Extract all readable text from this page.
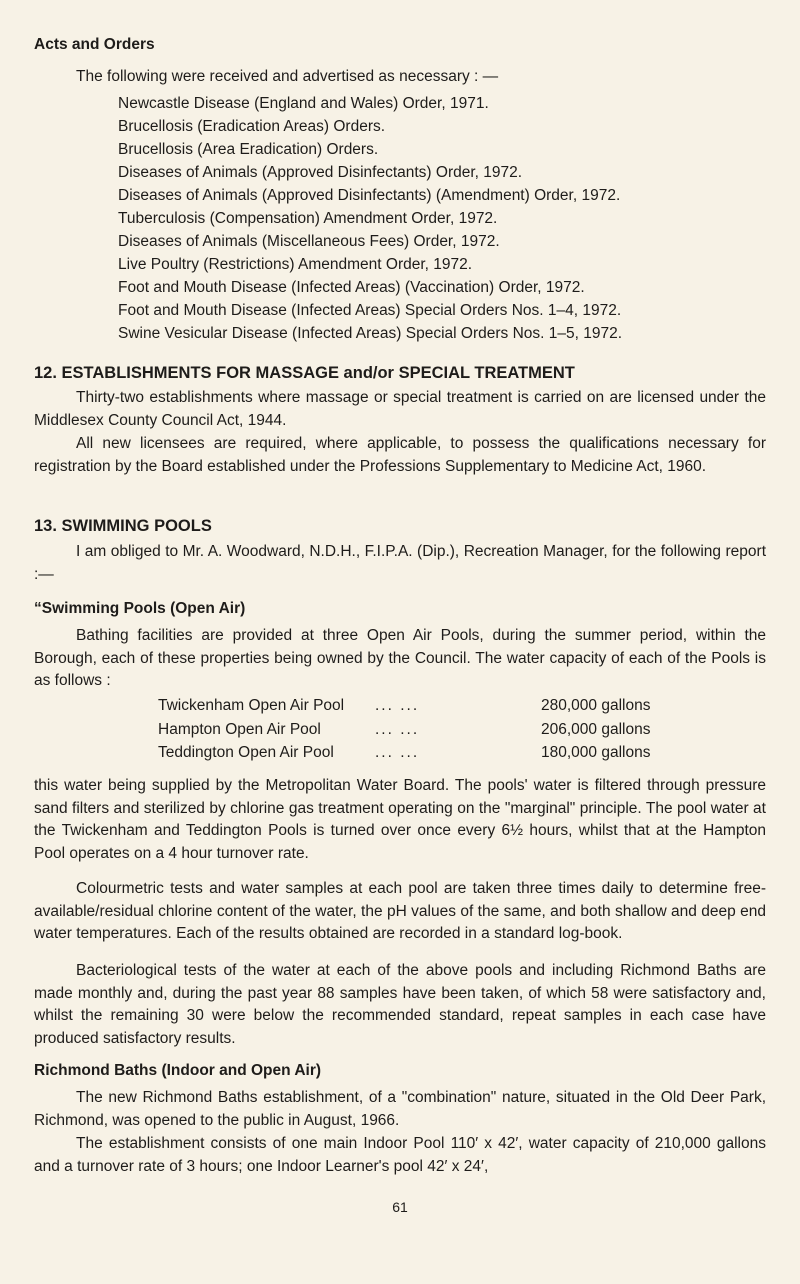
Acts and Orders
The following were received and advertised as necessary : —
Newcastle Disease (England and Wales) Order, 1971.
Brucellosis (Eradication Areas) Orders.
Brucellosis (Area Eradication) Orders.
Diseases of Animals (Approved Disinfectants) Order, 1972.
Diseases of Animals (Approved Disinfectants) (Amendment) Order, 1972.
Tuberculosis (Compensation) Amendment Order, 1972.
Diseases of Animals (Miscellaneous Fees) Order, 1972.
Live Poultry (Restrictions) Amendment Order, 1972.
Foot and Mouth Disease (Infected Areas) (Vaccination) Order, 1972.
Foot and Mouth Disease (Infected Areas) Special Orders Nos. 1–4, 1972.
Swine Vesicular Disease (Infected Areas) Special Orders Nos. 1–5, 1972.
12. ESTABLISHMENTS FOR MASSAGE and/or SPECIAL TREATMENT

Thirty-two establishments where massage or special treatment is carried on are licensed under the Middlesex County Council Act, 1944.

All new licensees are required, where applicable, to possess the qualifications necessary for registration by the Board established under the Professions Supplementary to Medicine Act, 1960.

13. SWIMMING POOLS

I am obliged to Mr. A. Woodward, N.D.H., F.I.P.A. (Dip.), Recreation Manager, for the following report :—

“Swimming Pools (Open Air)

Bathing facilities are provided at three Open Air Pools, during the summer period, within the Borough, each of these properties being owned by the Council. The water capacity of each of the Pools is as follows :

Twickenham Open Air Pool ... ...	280,000 gallons
Hampton Open Air Pool	... ...	206,000 gallons
Teddington Open Air Pool	... ...	180,000 gallons

this water being supplied by the Metropolitan Water Board. The pools' water is filtered through pressure sand filters and sterilized by chlorine gas treatment operating on the "marginal" principle. The pool water at the Twickenham and Teddington Pools is turned over once every 6½ hours, whilst that at the Hampton Pool operates on a 4 hour turnover rate.

Colourmetric tests and water samples at each pool are taken three times daily to determine free-available/residual chlorine content of the water, the pH values of the same, and both shallow and deep end water temperatures. Each of the results obtained are recorded in a standard log-book.

Bacteriological tests of the water at each of the above pools and including Richmond Baths are made monthly and, during the past year 88 samples have been taken, of which 58 were satisfactory and, whilst the remaining 30 were below the recommended standard, repeat samples in each case have produced satisfactory results.

Richmond Baths (Indoor and Open Air)

The new Richmond Baths establishment, of a "combination" nature, situated in the Old Deer Park, Richmond, was opened to the public in August, 1966.

The establishment consists of one main Indoor Pool 110′ x 42′, water capacity of 210,000 gallons and a turnover rate of 3 hours; one Indoor Learner's pool 42′ x 24′,

61
